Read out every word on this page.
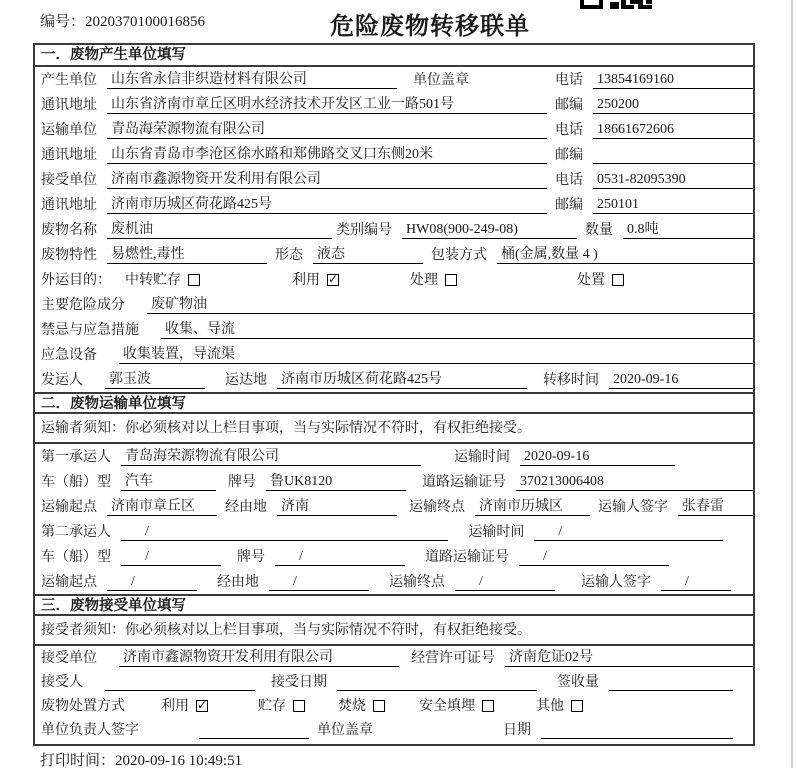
编号：2020370100016856	危险废物转移联单
一．废物产生单位填写
产生单位	山东省永信非织造材料有限公司	单位盖章	电话	13854169160
通讯地址	山东省济南市章丘区明水经济技术开发区工业一路501号	邮编	250200
运输单位	青岛海荣源物流有限公司	电话	18661672606
通讯地址	山东省青岛市李沧区徐水路和郑佛路交叉口东侧20米	邮编
接受单位	济南市鑫源物资开发利用有限公司	电话	0531-82095390
通讯地址	济南市历城区荷花路425号	邮编	250101
废物名称	废机油	类别编号	HW08(900-249-08)	数量	0.8吨
废物特性	易燃性,毒性	形态	液态	包装方式	桶(金属,数量 4 )
外运目的：	中转贮存	利用 ✓	处理	处置
主要危险成分	废矿物油
禁忌与应急措施	收集、导流
应急设备	收集装置，导流渠
发运人	郭玉波	运达地	济南市历城区荷花路425号	转移时间	2020-09-16
二．废物运输单位填写
运输者须知：你必须核对以上栏目事项，当与实际情况不符时，有权拒绝接受。
第一承运人	青岛海荣源物流有限公司	运输时间	2020-09-16
车（船）型	汽车	牌号	鲁UK8120	道路运输证号	370213006408
运输起点	济南市章丘区	经由地	济南	运输终点	济南市历城区	运输人签字	张春雷
第二承运人	/	运输时间	/
车（船）型	/	牌号	/	道路运输证号	/
运输起点	/	经由地	/	运输终点	/	运输人签字	/
三．废物接受单位填写
接受者须知：你必须核对以上栏目事项，当与实际情况不符时，有权拒绝接受。
接受单位	济南市鑫源物资开发利用有限公司	经营许可证号	济南危证02号
接受人	接受日期	签收量
废物处置方式	利用 ✓	贮存	焚烧	安全填埋	其他
单位负责人签字	单位盖章	日期
打印时间：2020-09-16 10:49:51
